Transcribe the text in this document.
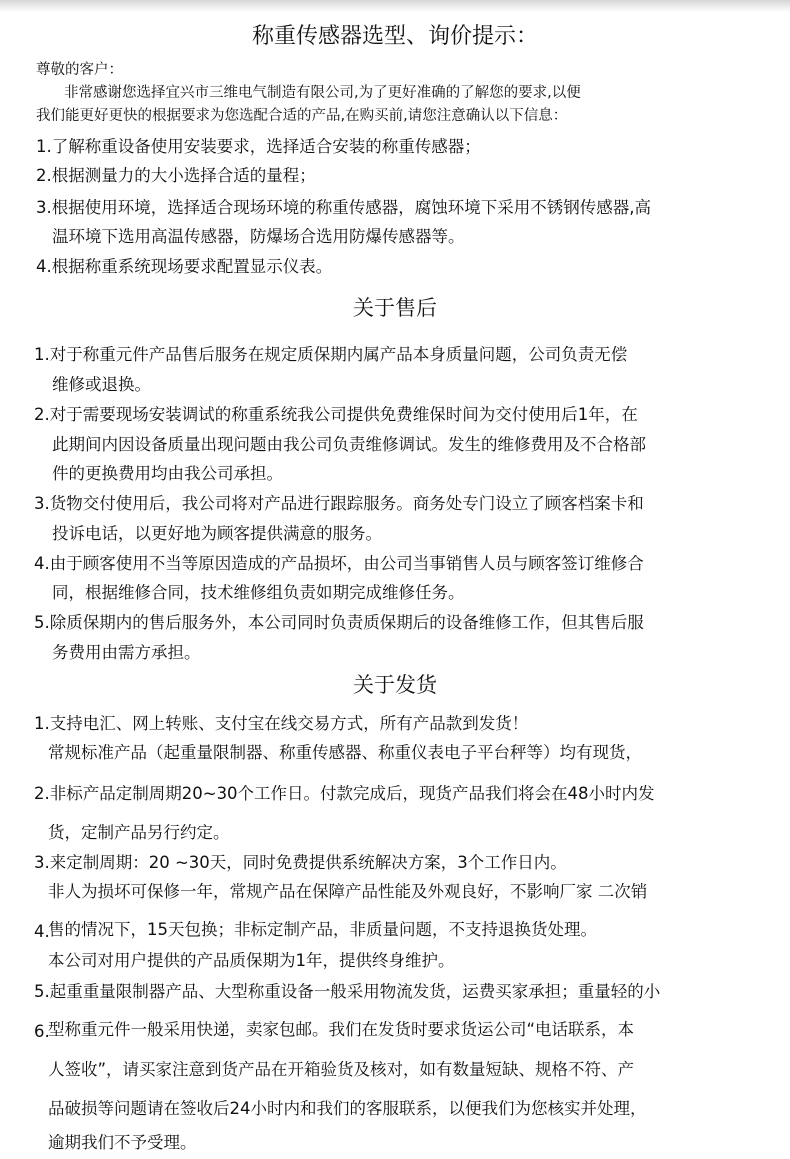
称重传感器选型、询价提示：
尊敬的客户：
非常感谢您选择宜兴市三维电气制造有限公司,为了更好准确的了解您的要求,以便
我们能更好更快的根据要求为您选配合适的产品,在购买前,请您注意确认以下信息：
1.了解称重设备使用安装要求，选择适合安装的称重传感器；
2.根据测量力的大小选择合适的量程；
3.根据使用环境，选择适合现场环境的称重传感器，腐蚀环境下采用不锈钢传感器,高
温环境下选用高温传感器，防爆场合选用防爆传感器等。
4.根据称重系统现场要求配置显示仪表。
关于售后
1.对于称重元件产品售后服务在规定质保期内属产品本身质量问题，公司负责无偿
维修或退换。
2.对于需要现场安装调试的称重系统我公司提供免费维保时间为交付使用后1年，在
此期间内因设备质量出现问题由我公司负责维修调试。发生的维修费用及不合格部
件的更换费用均由我公司承担。
3.货物交付使用后，我公司将对产品进行跟踪服务。商务处专门设立了顾客档案卡和
投诉电话，以更好地为顾客提供满意的服务。
4.由于顾客使用不当等原因造成的产品损坏，由公司当事销售人员与顾客签订维修合
同，根据维修合同，技术维修组负责如期完成维修任务。
5.除质保期内的售后服务外，本公司同时负责质保期后的设备维修工作，但其售后服
务费用由需方承担。
关于发货
1.支持电汇、网上转账、支付宝在线交易方式，所有产品款到发货！
常规标准产品（起重量限制器、称重传感器、称重仪表电子平台秤等）均有现货，
2.非标产品定制周期20~30个工作日。付款完成后，现货产品我们将会在48小时内发
货，定制产品另行约定。
3.来定制周期：20 ~30天，同时免费提供系统解决方案，3个工作日内。
非人为损坏可保修一年，常规产品在保障产品性能及外观良好，不影响厂家 二次销
4.
售的情况下，15天包换；非标定制产品，非质量问题，不支持退换货处理。
本公司对用户提供的产品质保期为1年，提供终身维护。
5.起重重量限制器产品、大型称重设备一般采用物流发货，运费买家承担；重量轻的小
6.
型称重元件一般采用快递，卖家包邮。我们在发货时要求货运公司“电话联系，本
人签收”，请买家注意到货产品在开箱验货及核对，如有数量短缺、规格不符、产
品破损等问题请在签收后24小时内和我们的客服联系，以便我们为您核实并处理，
逾期我们不予受理。
